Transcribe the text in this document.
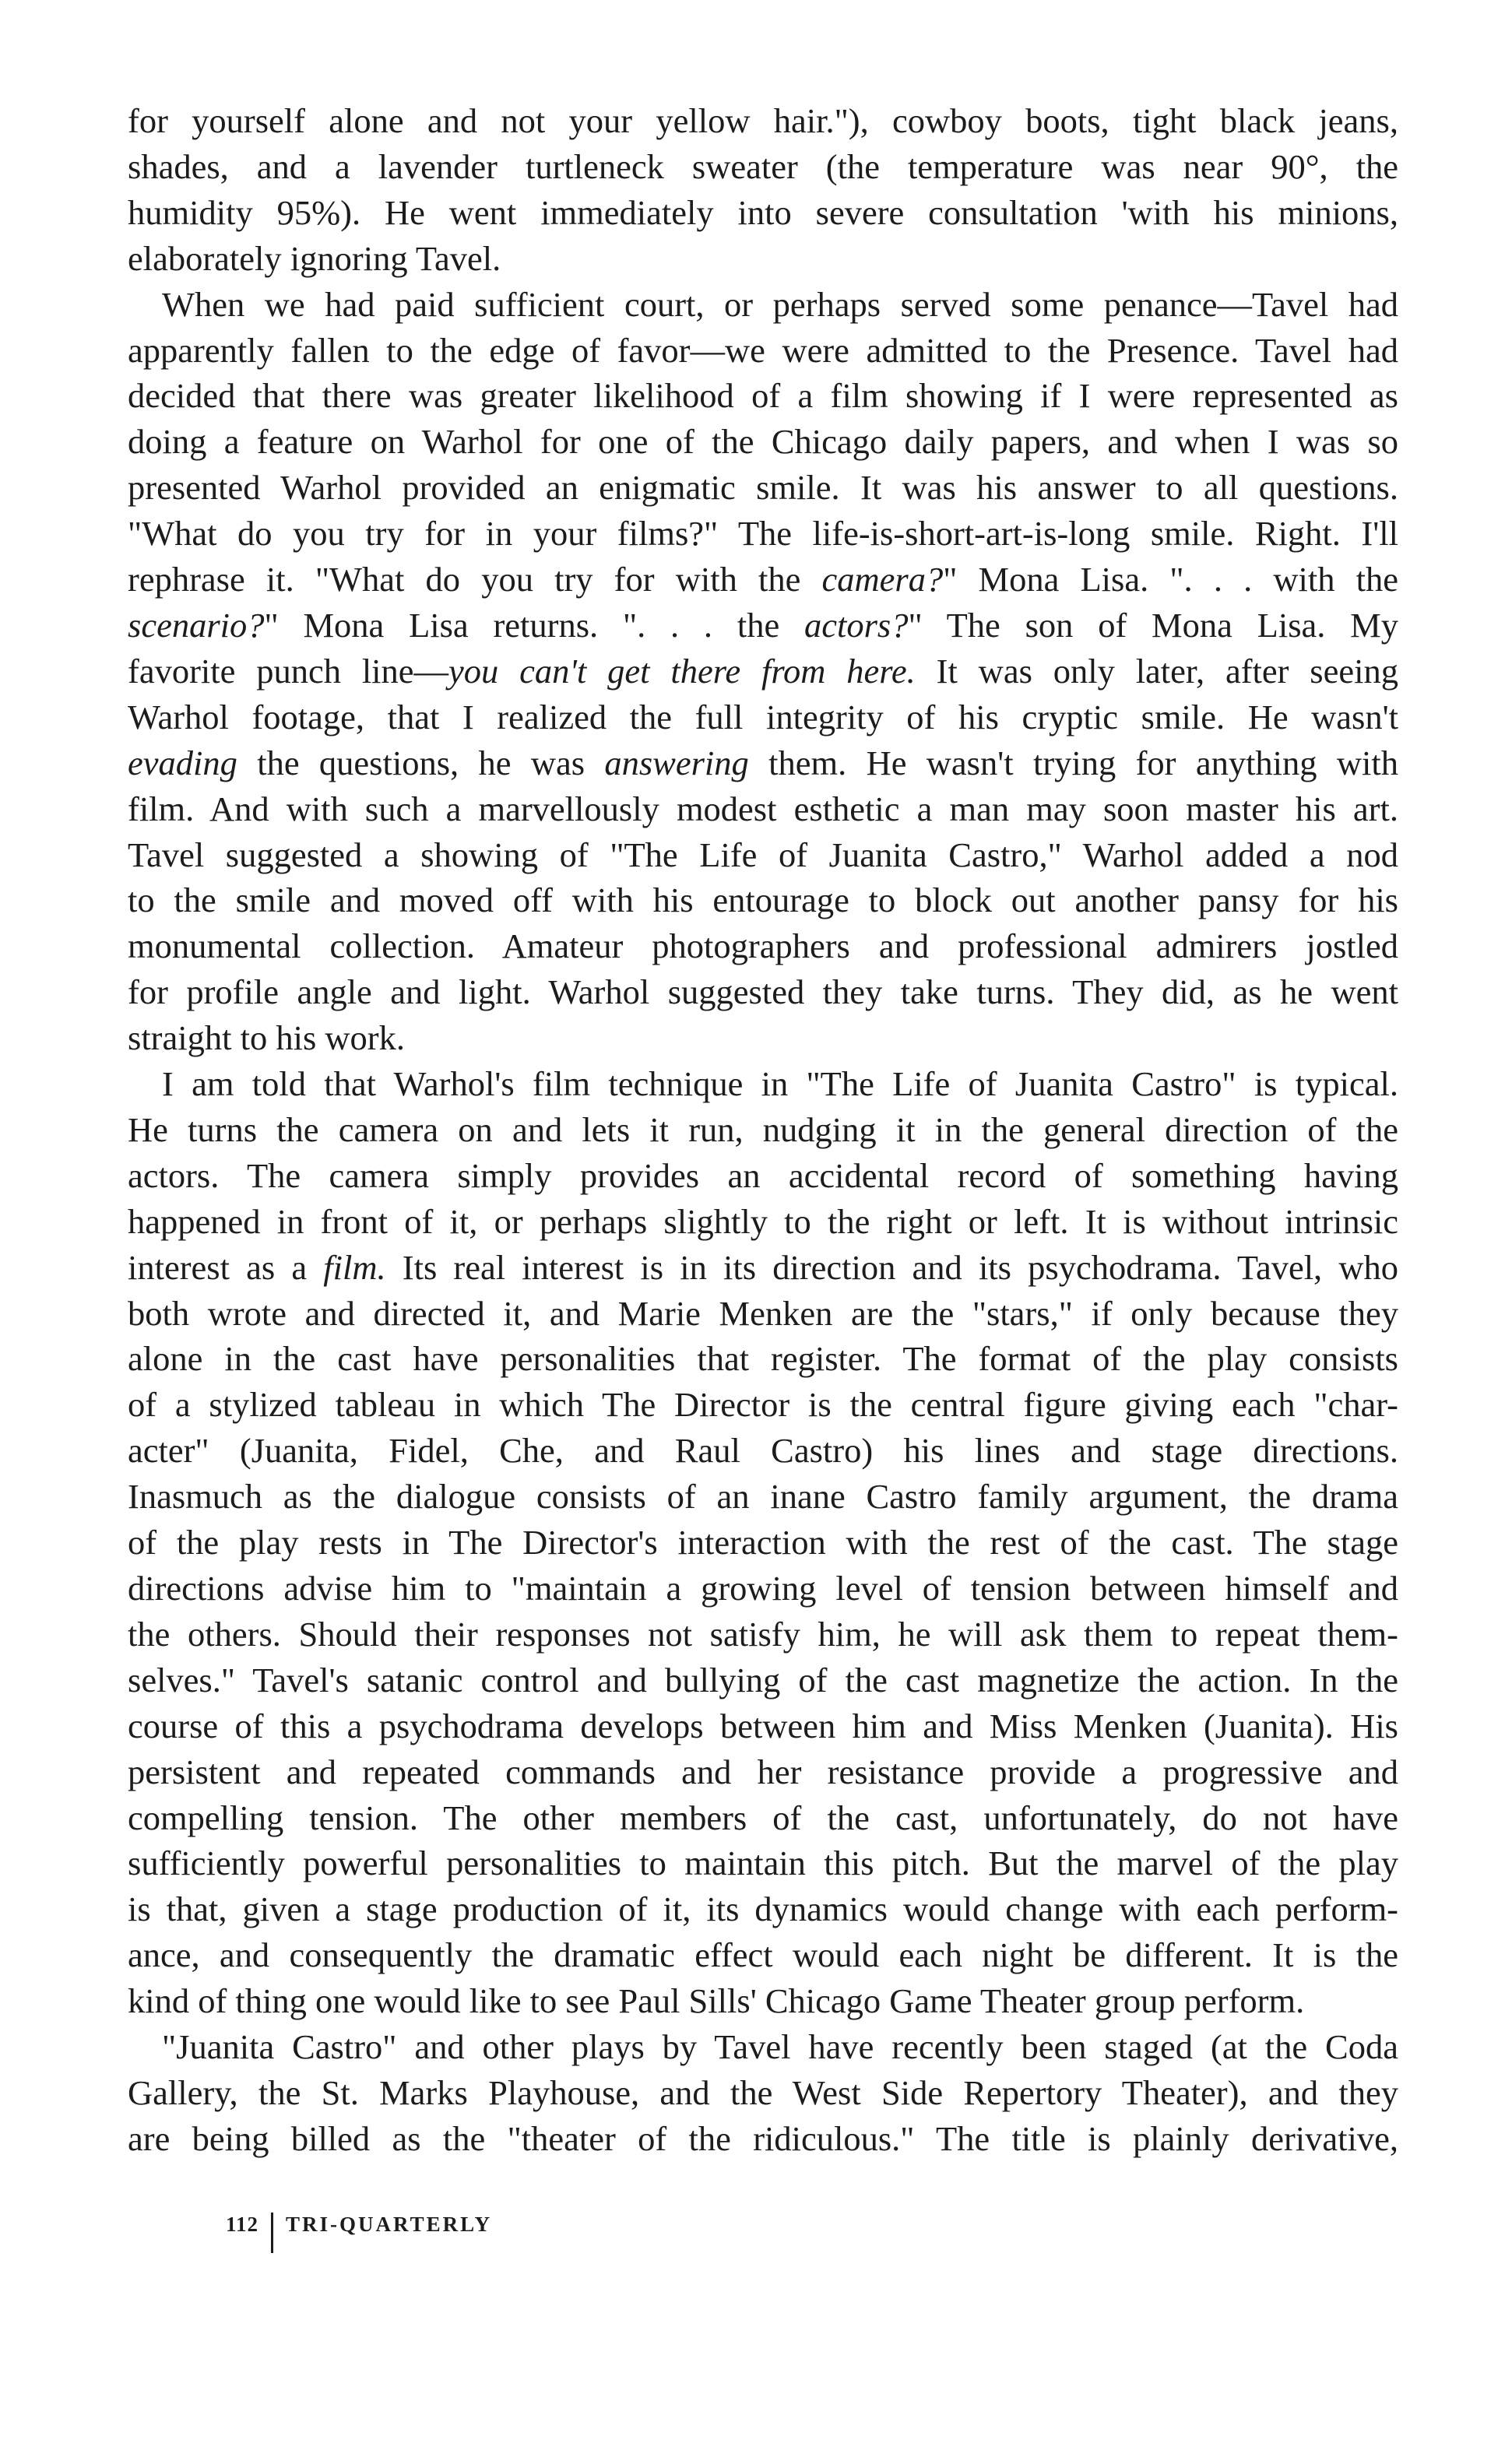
for yourself alone and not your yellow hair."), cowboy boots, tight black jeans,
shades, and a lavender turtleneck sweater (the temperature was near 90°, the
humidity 95%). He went immediately into severe consultation 'with his minions,
elaborately ignoring Tavel.
When we had paid sufficient court, or perhaps served some penance—Tavel had
apparently fallen to the edge of favor—we were admitted to the Presence. Tavel had
decided that there was greater likelihood of a film showing if I were represented as
doing a feature on Warhol for one of the Chicago daily papers, and when I was so
presented Warhol provided an enigmatic smile. It was his answer to all questions.
"What do you try for in your films?" The life-is-short-art-is-long smile. Right. I'll
rephrase it. "What do you try for with the camera?" Mona Lisa. ". . . with the
scenario?" Mona Lisa returns. ". . . the actors?" The son of Mona Lisa. My
favorite punch line—you can't get there from here. It was only later, after seeing
Warhol footage, that I realized the full integrity of his cryptic smile. He wasn't
evading the questions, he was answering them. He wasn't trying for anything with
film. And with such a marvellously modest esthetic a man may soon master his art.
Tavel suggested a showing of "The Life of Juanita Castro," Warhol added a nod
to the smile and moved off with his entourage to block out another pansy for his
monumental collection. Amateur photographers and professional admirers jostled
for profile angle and light. Warhol suggested they take turns. They did, as he went
straight to his work.
I am told that Warhol's film technique in "The Life of Juanita Castro" is typical.
He turns the camera on and lets it run, nudging it in the general direction of the
actors. The camera simply provides an accidental record of something having
happened in front of it, or perhaps slightly to the right or left. It is without intrinsic
interest as a film. Its real interest is in its direction and its psychodrama. Tavel, who
both wrote and directed it, and Marie Menken are the "stars," if only because they
alone in the cast have personalities that register. The format of the play consists
of a stylized tableau in which The Director is the central figure giving each "char-
acter" (Juanita, Fidel, Che, and Raul Castro) his lines and stage directions.
Inasmuch as the dialogue consists of an inane Castro family argument, the drama
of the play rests in The Director's interaction with the rest of the cast. The stage
directions advise him to "maintain a growing level of tension between himself and
the others. Should their responses not satisfy him, he will ask them to repeat them-
selves." Tavel's satanic control and bullying of the cast magnetize the action. In the
course of this a psychodrama develops between him and Miss Menken (Juanita). His
persistent and repeated commands and her resistance provide a progressive and
compelling tension. The other members of the cast, unfortunately, do not have
sufficiently powerful personalities to maintain this pitch. But the marvel of the play
is that, given a stage production of it, its dynamics would change with each perform-
ance, and consequently the dramatic effect would each night be different. It is the
kind of thing one would like to see Paul Sills' Chicago Game Theater group perform.
"Juanita Castro" and other plays by Tavel have recently been staged (at the Coda
Gallery, the St. Marks Playhouse, and the West Side Repertory Theater), and they
are being billed as the "theater of the ridiculous." The title is plainly derivative,
112 TRI-QUARTERLY
